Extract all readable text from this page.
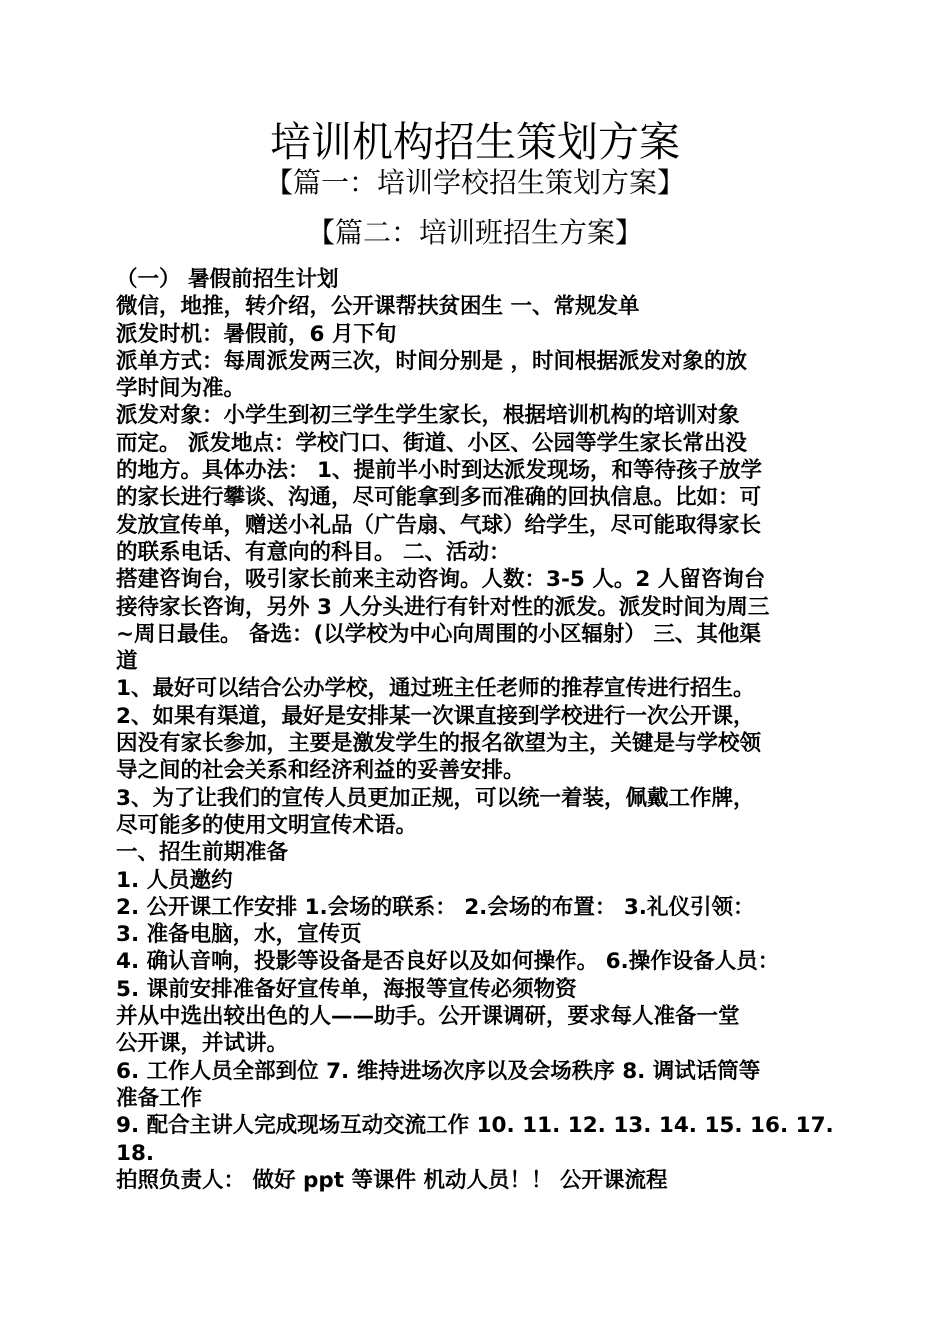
培训机构招生策划方案
【篇一：培训学校招生策划方案】
【篇二：培训班招生方案】
（一） 暑假前招生计划
微信，地推，转介绍，公开课帮扶贫困生 一、常规发单
派发时机：暑假前，6 月下旬
派单方式：每周派发两三次，时间分别是 ，时间根据派发对象的放
学时间为准。
派发对象：小学生到初三学生学生家长，根据培训机构的培训对象
而定。 派发地点：学校门口、街道、小区、公园等学生家长常出没
的地方。具体办法： 1、提前半小时到达派发现场，和等待孩子放学
的家长进行攀谈、沟通，尽可能拿到多而准确的回执信息。比如：可
发放宣传单，赠送小礼品（广告扇、气球）给学生，尽可能取得家长
的联系电话、有意向的科目。 二、活动：
搭建咨询台，吸引家长前来主动咨询。人数：3-5 人。2 人留咨询台
接待家长咨询，另外 3 人分头进行有针对性的派发。派发时间为周三
~周日最佳。 备选：(以学校为中心向周围的小区辐射） 三、其他渠
道
1、最好可以结合公办学校，通过班主任老师的推荐宣传进行招生。
2、如果有渠道，最好是安排某一次课直接到学校进行一次公开课，
因没有家长参加，主要是激发学生的报名欲望为主，关键是与学校领
导之间的社会关系和经济利益的妥善安排。
3、为了让我们的宣传人员更加正规，可以统一着装，佩戴工作牌，
尽可能多的使用文明宣传术语。
一、招生前期准备
1. 人员邀约
2. 公开课工作安排 1.会场的联系： 2.会场的布置： 3.礼仪引领：
3. 准备电脑，水，宣传页
4. 确认音响，投影等设备是否良好以及如何操作。 6.操作设备人员：
5. 课前安排准备好宣传单，海报等宣传必须物资
并从中选出较出色的人——助手。公开课调研，要求每人准备一堂
公开课，并试讲。
6. 工作人员全部到位 7. 维持进场次序以及会场秩序 8. 调试话筒等
准备工作
9. 配合主讲人完成现场互动交流工作 10. 11. 12. 13. 14. 15. 16. 17.
18.
拍照负责人： 做好 ppt 等课件 机动人员！！ 公开课流程
